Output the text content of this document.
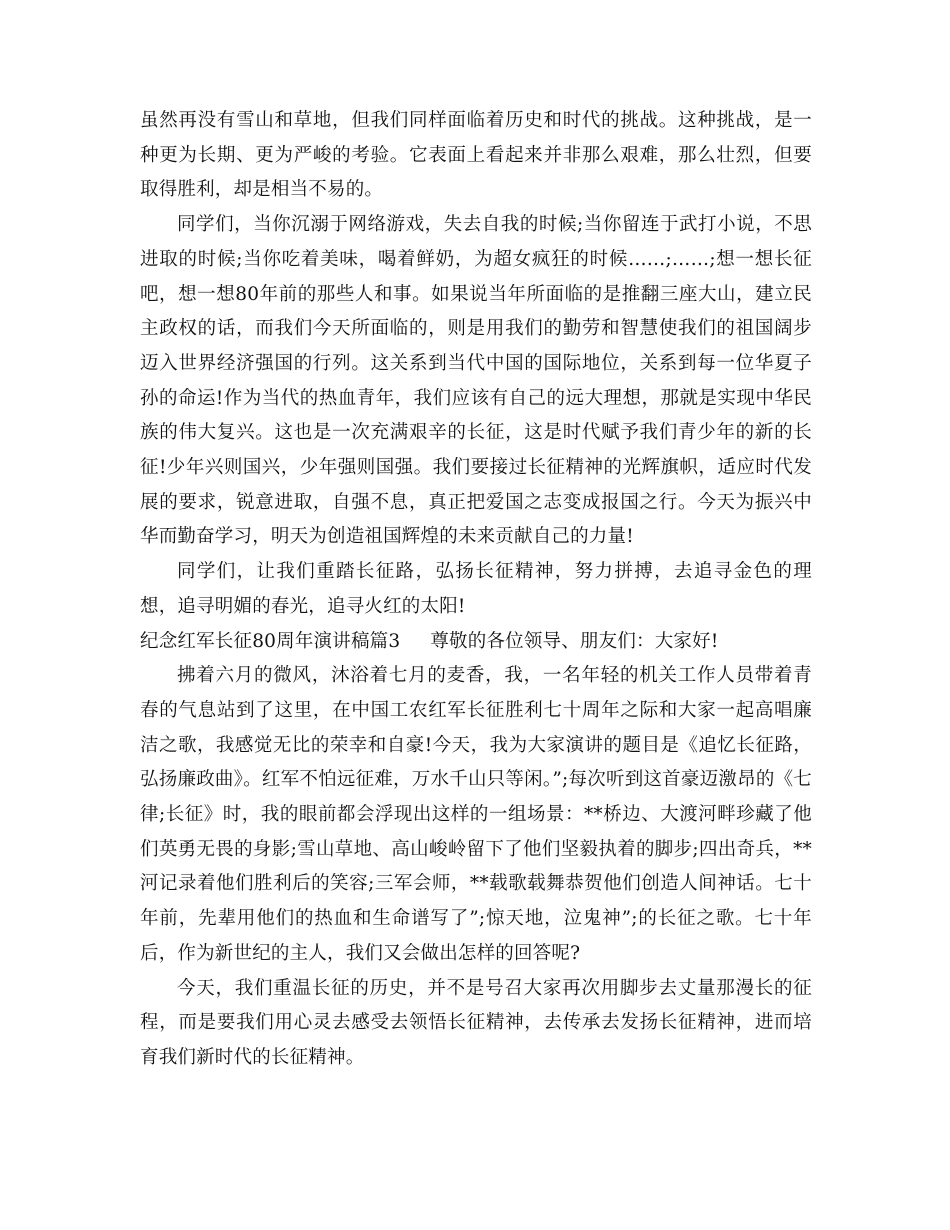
虽然再没有雪山和草地，但我们同样面临着历史和时代的挑战。这种挑战，是一种更为长期、更为严峻的考验。它表面上看起来并非那么艰难，那么壮烈，但要取得胜利，却是相当不易的。

同学们，当你沉溺于网络游戏，失去自我的时候;当你留连于武打小说，不思进取的时候;当你吃着美味，喝着鲜奶，为超女疯狂的时候……;……;想一想长征吧，想一想80年前的那些人和事。如果说当年所面临的是推翻三座大山，建立民主政权的话，而我们今天所面临的，则是用我们的勤劳和智慧使我们的祖国阔步迈入世界经济强国的行列。这关系到当代中国的国际地位，关系到每一位华夏子孙的命运!作为当代的热血青年，我们应该有自己的远大理想，那就是实现中华民族的伟大复兴。这也是一次充满艰辛的长征，这是时代赋予我们青少年的新的长征!少年兴则国兴，少年强则国强。我们要接过长征精神的光辉旗帜，适应时代发展的要求，锐意进取，自强不息，真正把爱国之志变成报国之行。今天为振兴中华而勤奋学习，明天为创造祖国辉煌的未来贡献自己的力量!

同学们，让我们重踏长征路，弘扬长征精神，努力拼搏，去追寻金色的理想，追寻明媚的春光，追寻火红的太阳!

纪念红军长征80周年演讲稿篇3 尊敬的各位领导、朋友们：大家好!

拂着六月的微风，沐浴着七月的麦香，我，一名年轻的机关工作人员带着青春的气息站到了这里，在中国工农红军长征胜利七十周年之际和大家一起高唱廉洁之歌，我感觉无比的荣幸和自豪!今天，我为大家演讲的题目是《追忆长征路，弘扬廉政曲》。红军不怕远征难，万水千山只等闲。”;每次听到这首豪迈激昂的《七律;长征》时，我的眼前都会浮现出这样的一组场景：**桥边、大渡河畔珍藏了他们英勇无畏的身影;雪山草地、高山峻岭留下了他们坚毅执着的脚步;四出奇兵，**河记录着他们胜利后的笑容;三军会师，**载歌载舞恭贺他们创造人间神话。七十年前，先辈用他们的热血和生命谱写了”;惊天地，泣鬼神”;的长征之歌。七十年后，作为新世纪的主人，我们又会做出怎样的回答呢?

今天，我们重温长征的历史，并不是号召大家再次用脚步去丈量那漫长的征程，而是要我们用心灵去感受去领悟长征精神，去传承去发扬长征精神，进而培育我们新时代的长征精神。
